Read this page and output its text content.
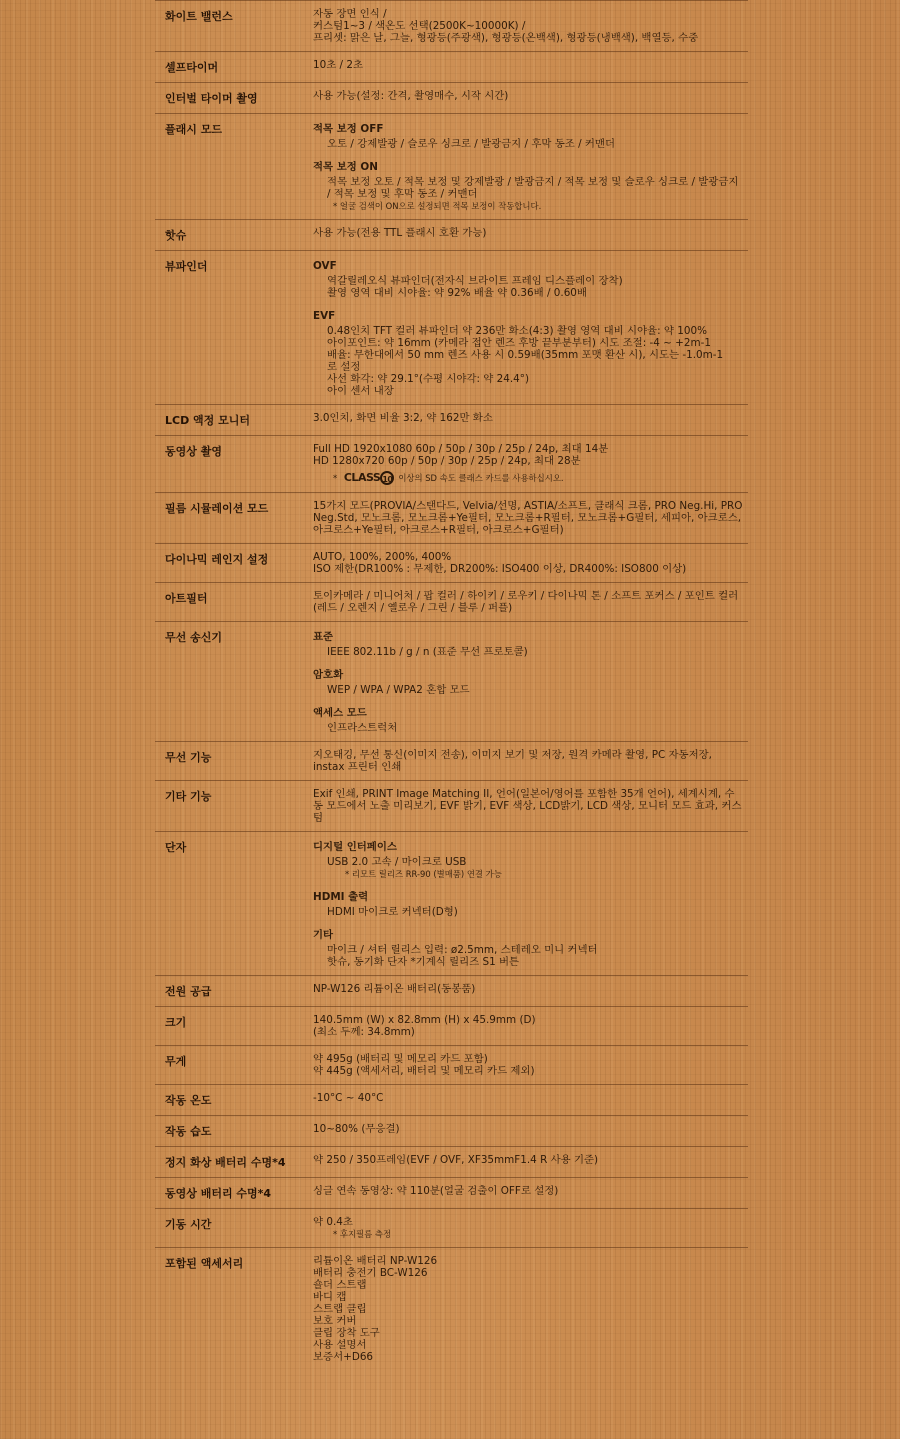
화이트 밸런스	자동 장면 인식 /
커스텀1~3 / 색온도 선택(2500K~10000K) /
프리셋: 맑은 날, 그늘, 형광등(주광색), 형광등(온백색), 형광등(냉백색), 백열등, 수중
셀프타이머	10초 / 2초
인터벌 타이머 촬영	사용 가능(설정: 간격, 촬영매수, 시작 시간)
플래시 모드	적목 보정 OFF
오토 / 강제발광 / 슬로우 싱크로 / 발광금지 / 후막 동조 / 커맨더
적목 보정 ON
적목 보정 오토 / 적목 보정 및 강제발광 / 발광금지 / 적목 보정 및 슬로우 싱크로 / 발광금지 / 적목 보정 및 후막 동조 / 커맨더
* 얼굴 검색이 ON으로 설정되면 적목 보정이 작동합니다.
핫슈	사용 가능(전용 TTL 플래시 호환 가능)
뷰파인더	OVF
역갈릴레오식 뷰파인더(전자식 브라이트 프레임 디스플레이 장착)
촬영 영역 대비 시야율: 약 92% 배율 약 0.36배 / 0.60배
EVF
0.48인치 TFT 컬러 뷰파인더 약 236만 화소(4:3) 촬영 영역 대비 시야율: 약 100%
아이포인트: 약 16mm (카메라 접안 렌즈 후방 끝부분부터) 시도 조절: -4 ~ +2m-1
배율: 무한대에서 50 mm 렌즈 사용 시 0.59배(35mm 포맷 환산 시), 시도는 -1.0m-1
로 설정
사선 화각: 약 29.1°(수평 시야각: 약 24.4°)
아이 센서 내장
LCD 액정 모니터	3.0인치, 화면 비율 3:2, 약 162만 화소
동영상 촬영	Full HD 1920x1080 60p / 50p / 30p / 25p / 24p, 최대 14분
HD 1280x720 60p / 50p / 30p / 25p / 24p, 최대 28분
* CLASS 10 이상의 SD 속도 클래스 카드를 사용하십시오.
필름 시뮬레이션 모드	15가지 모드(PROVIA/스탠다드, Velvia/선명, ASTIA/소프트, 클래식 크롬, PRO Neg.Hi, PRO Neg.Std, 모노크롬, 모노크롬+Ye필터, 모노크롬+R필터, 모노크롬+G필터, 세피아, 아크로스, 아크로스+Ye필터, 아크로스+R필터, 아크로스+G필터)
다이나믹 레인지 설정	AUTO, 100%, 200%, 400%
ISO 제한(DR100% : 무제한, DR200%: ISO400 이상, DR400%: ISO800 이상)
아트필터	토이카메라 / 미니어처 / 팝 컬러 / 하이키 / 로우키 / 다이나믹 톤 / 소프트 포커스 / 포인트 컬러(레드 / 오렌지 / 옐로우 / 그린 / 블루 / 퍼플)
무선 송신기	표준
IEEE 802.11b / g / n (표준 무선 프로토콜)
암호화
WEP / WPA / WPA2 혼합 모드
액세스 모드
인프라스트럭처
무선 기능	지오태깅, 무선 통신(이미지 전송), 이미지 보기 및 저장, 원격 카메라 촬영, PC 자동저장, instax 프린터 인쇄
기타 기능	Exif 인쇄, PRINT Image Matching II, 언어(일본어/영어를 포함한 35개 언어), 세계시계, 수동 모드에서 노출 미리보기, EVF 밝기, EVF 색상, LCD밝기, LCD 색상, 모니터 모드 효과, 커스텀
단자	디지털 인터페이스
USB 2.0 고속 / 마이크로 USB
* 리모트 릴리즈 RR-90 (별매품) 연결 가능
HDMI 출력
HDMI 마이크로 커넥터(D형)
기타
마이크 / 셔터 릴리스 입력: ø2.5mm, 스테레오 미니 커넥터
핫슈, 동기화 단자 *기계식 릴리즈 S1 버튼
전원 공급	NP-W126 리튬이온 배터리(동봉품)
크기	140.5mm (W) x 82.8mm (H) x 45.9mm (D)
(최소 두께: 34.8mm)
무게	약 495g (배터리 및 메모리 카드 포함)
약 445g (액세서리, 배터리 및 메모리 카드 제외)
작동 온도	-10°C ~ 40°C
작동 습도	10~80% (무응결)
정지 화상 배터리 수명*4	약 250 / 350프레임(EVF / OVF, XF35mmF1.4 R 사용 기준)
동영상 배터리 수명*4	싱글 연속 동영상: 약 110분(얼굴 검출이 OFF로 설정)
기동 시간	약 0.4초
* 후지필름 측정
포함된 액세서리	리튬이온 배터리 NP-W126
배터리 충전기 BC-W126
숄더 스트랩
바디 캡
스트랩 클립
보호 커버
클립 장착 도구
사용 설명서
보증서+D66
